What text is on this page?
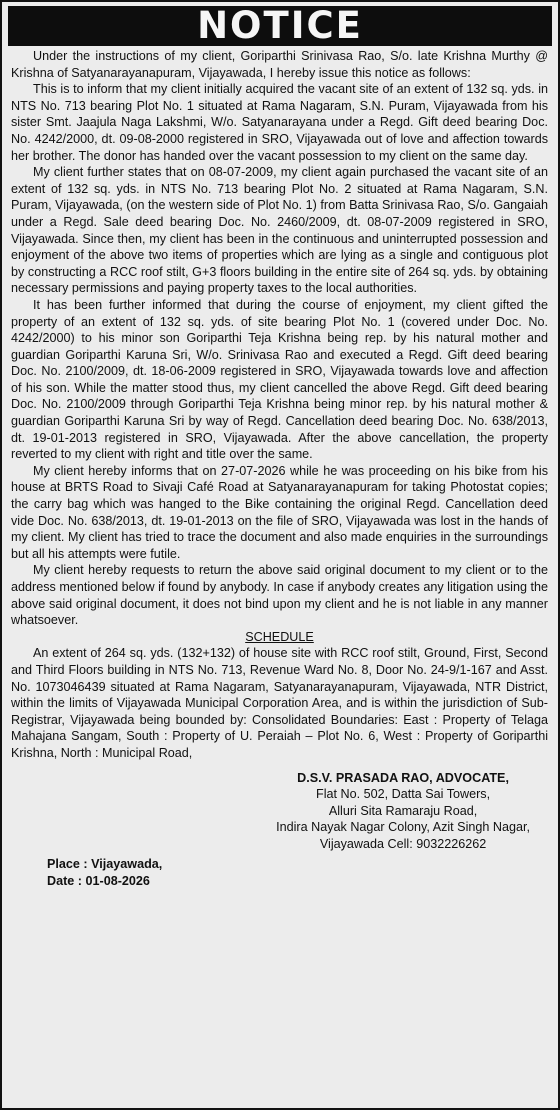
NOTICE

Under the instructions of my client, Goriparthi Srinivasa Rao, S/o. late Krishna Murthy @ Krishna of Satyanarayanapuram, Vijayawada, I hereby issue this notice as follows:

This is to inform that my client initially acquired the vacant site of an extent of 132 sq. yds. in NTS No. 713 bearing Plot No. 1 situated at Rama Nagaram, S.N. Puram, Vijayawada from his sister Smt. Jaajula Naga Lakshmi, W/o. Satyanarayana under a Regd. Gift deed bearing Doc. No. 4242/2000, dt. 09-08-2000 registered in SRO, Vijayawada out of love and affection towards her brother. The donor has handed over the vacant possession to my client on the same day.

My client further states that on 08-07-2009, my client again purchased the vacant site of an extent of 132 sq. yds. in NTS No. 713 bearing Plot No. 2 situated at Rama Nagaram, S.N. Puram, Vijayawada, (on the western side of Plot No. 1) from Batta Srinivasa Rao, S/o. Gangaiah under a Regd. Sale deed bearing Doc. No. 2460/2009, dt. 08-07-2009 registered in SRO, Vijayawada. Since then, my client has been in the continuous and uninterrupted possession and enjoyment of the above two items of properties which are lying as a single and contiguous plot by constructing a RCC roof stilt, G+3 floors building in the entire site of 264 sq. yds. by obtaining necessary permissions and paying property taxes to the local authorities.

It has been further informed that during the course of enjoyment, my client gifted the property of an extent of 132 sq. yds. of site bearing Plot No. 1 (covered under Doc. No. 4242/2000) to his minor son Goriparthi Teja Krishna being rep. by his natural mother and guardian Goriparthi Karuna Sri, W/o. Srinivasa Rao and executed a Regd. Gift deed bearing Doc. No. 2100/2009, dt. 18-06-2009 registered in SRO, Vijayawada towards love and affection of his son. While the matter stood thus, my client cancelled the above Regd. Gift deed bearing Doc. No. 2100/2009 through Goriparthi Teja Krishna being minor rep. by his natural mother & guardian Goriparthi Karuna Sri by way of Regd. Cancellation deed bearing Doc. No. 638/2013, dt. 19-01-2013 registered in SRO, Vijayawada. After the above cancellation, the property reverted to my client with right and title over the same.

My client hereby informs that on 27-07-2026 while he was proceeding on his bike from his house at BRTS Road to Sivaji Café Road at Satyanarayanapuram for taking Photostat copies; the carry bag which was hanged to the Bike containing the original Regd. Cancellation deed vide Doc. No. 638/2013, dt. 19-01-2013 on the file of SRO, Vijayawada was lost in the hands of my client. My client has tried to trace the document and also made enquiries in the surroundings but all his attempts were futile.

My client hereby requests to return the above said original document to my client or to the address mentioned below if found by anybody. In case if anybody creates any litigation using the above said original document, it does not bind upon my client and he is not liable in any manner whatsoever.

SCHEDULE

An extent of 264 sq. yds. (132+132) of house site with RCC roof stilt, Ground, First, Second and Third Floors building in NTS No. 713, Revenue Ward No. 8, Door No. 24-9/1-167 and Asst. No. 1073046439 situated at Rama Nagaram, Satyanarayanapuram, Vijayawada, NTR District, within the limits of Vijayawada Municipal Corporation Area, and is within the jurisdiction of Sub-Registrar, Vijayawada being bounded by: Consolidated Boundaries: East : Property of Telaga Mahajana Sangam, South : Property of U. Peraiah – Plot No. 6, West : Property of Goriparthi Krishna, North : Municipal Road,

D.S.V. PRASADA RAO, ADVOCATE,
Flat No. 502, Datta Sai Towers,
Alluri Sita Ramaraju Road,
Indira Nayak Nagar Colony, Azit Singh Nagar,
Vijayawada Cell: 9032226262
Place : Vijayawada,
Date : 01-08-2026
